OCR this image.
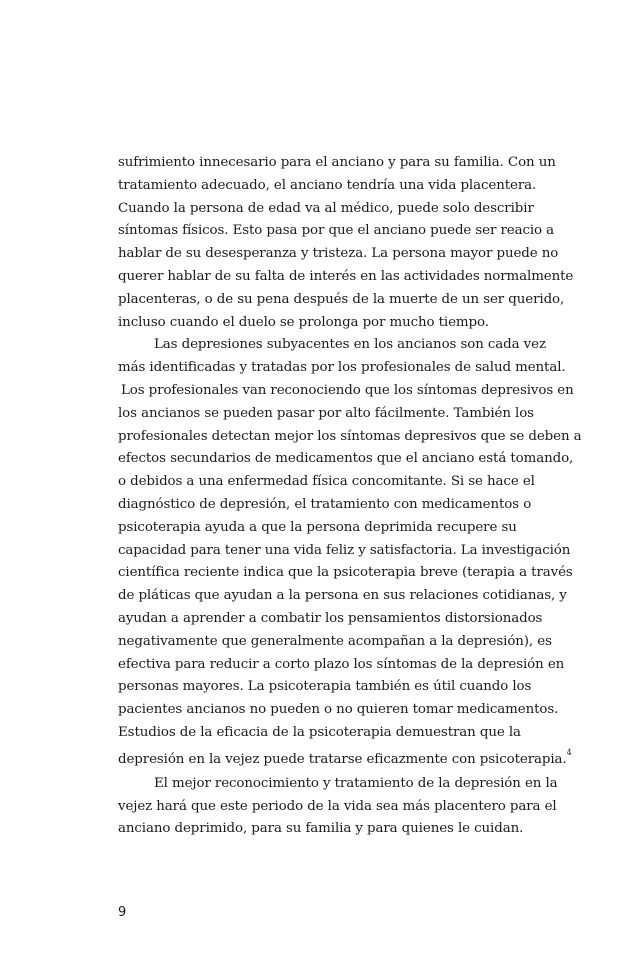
sufrimiento innecesario para el anciano y para su familia. Con un
tratamiento adecuado, el anciano tendría una vida placentera.
Cuando la persona de edad va al médico, puede solo describir
síntomas físicos. Esto pasa por que el anciano puede ser reacio a
hablar de su desesperanza y tristeza. La persona mayor puede no
querer hablar de su falta de interés en las actividades normalmente
placenteras, o de su pena después de la muerte de un ser querido,
incluso cuando el duelo se prolonga por mucho tiempo.
Las depresiones subyacentes en los ancianos son cada vez
más identificadas y tratadas por los profesionales de salud mental.
Los profesionales van reconociendo que los síntomas depresivos en
los ancianos se pueden pasar por alto fácilmente. También los
profesionales detectan mejor los síntomas depresivos que se deben a
efectos secundarios de medicamentos que el anciano está tomando,
o debidos a una enfermedad física concomitante. Si se hace el
diagnóstico de depresión, el tratamiento con medicamentos o
psicoterapia ayuda a que la persona deprimida recupere su
capacidad para tener una vida feliz y satisfactoria. La investigación
científica reciente indica que la psicoterapia breve (terapia a través
de pláticas que ayudan a la persona en sus relaciones cotidianas, y
ayudan a aprender a combatir los pensamientos distorsionados
negativamente que generalmente acompañan a la depresión), es
efectiva para reducir a corto plazo los síntomas de la depresión en
personas mayores. La psicoterapia también es útil cuando los
pacientes ancianos no pueden o no quieren tomar medicamentos.
Estudios de la eficacia de la psicoterapia demuestran que la
depresión en la vejez puede tratarse eficazmente con psicoterapia.$^4$
El mejor reconocimiento y tratamiento de la depresión en la
vejez hará que este periodo de la vida sea más placentero para el
anciano deprimido, para su familia y para quienes le cuidan.
9
